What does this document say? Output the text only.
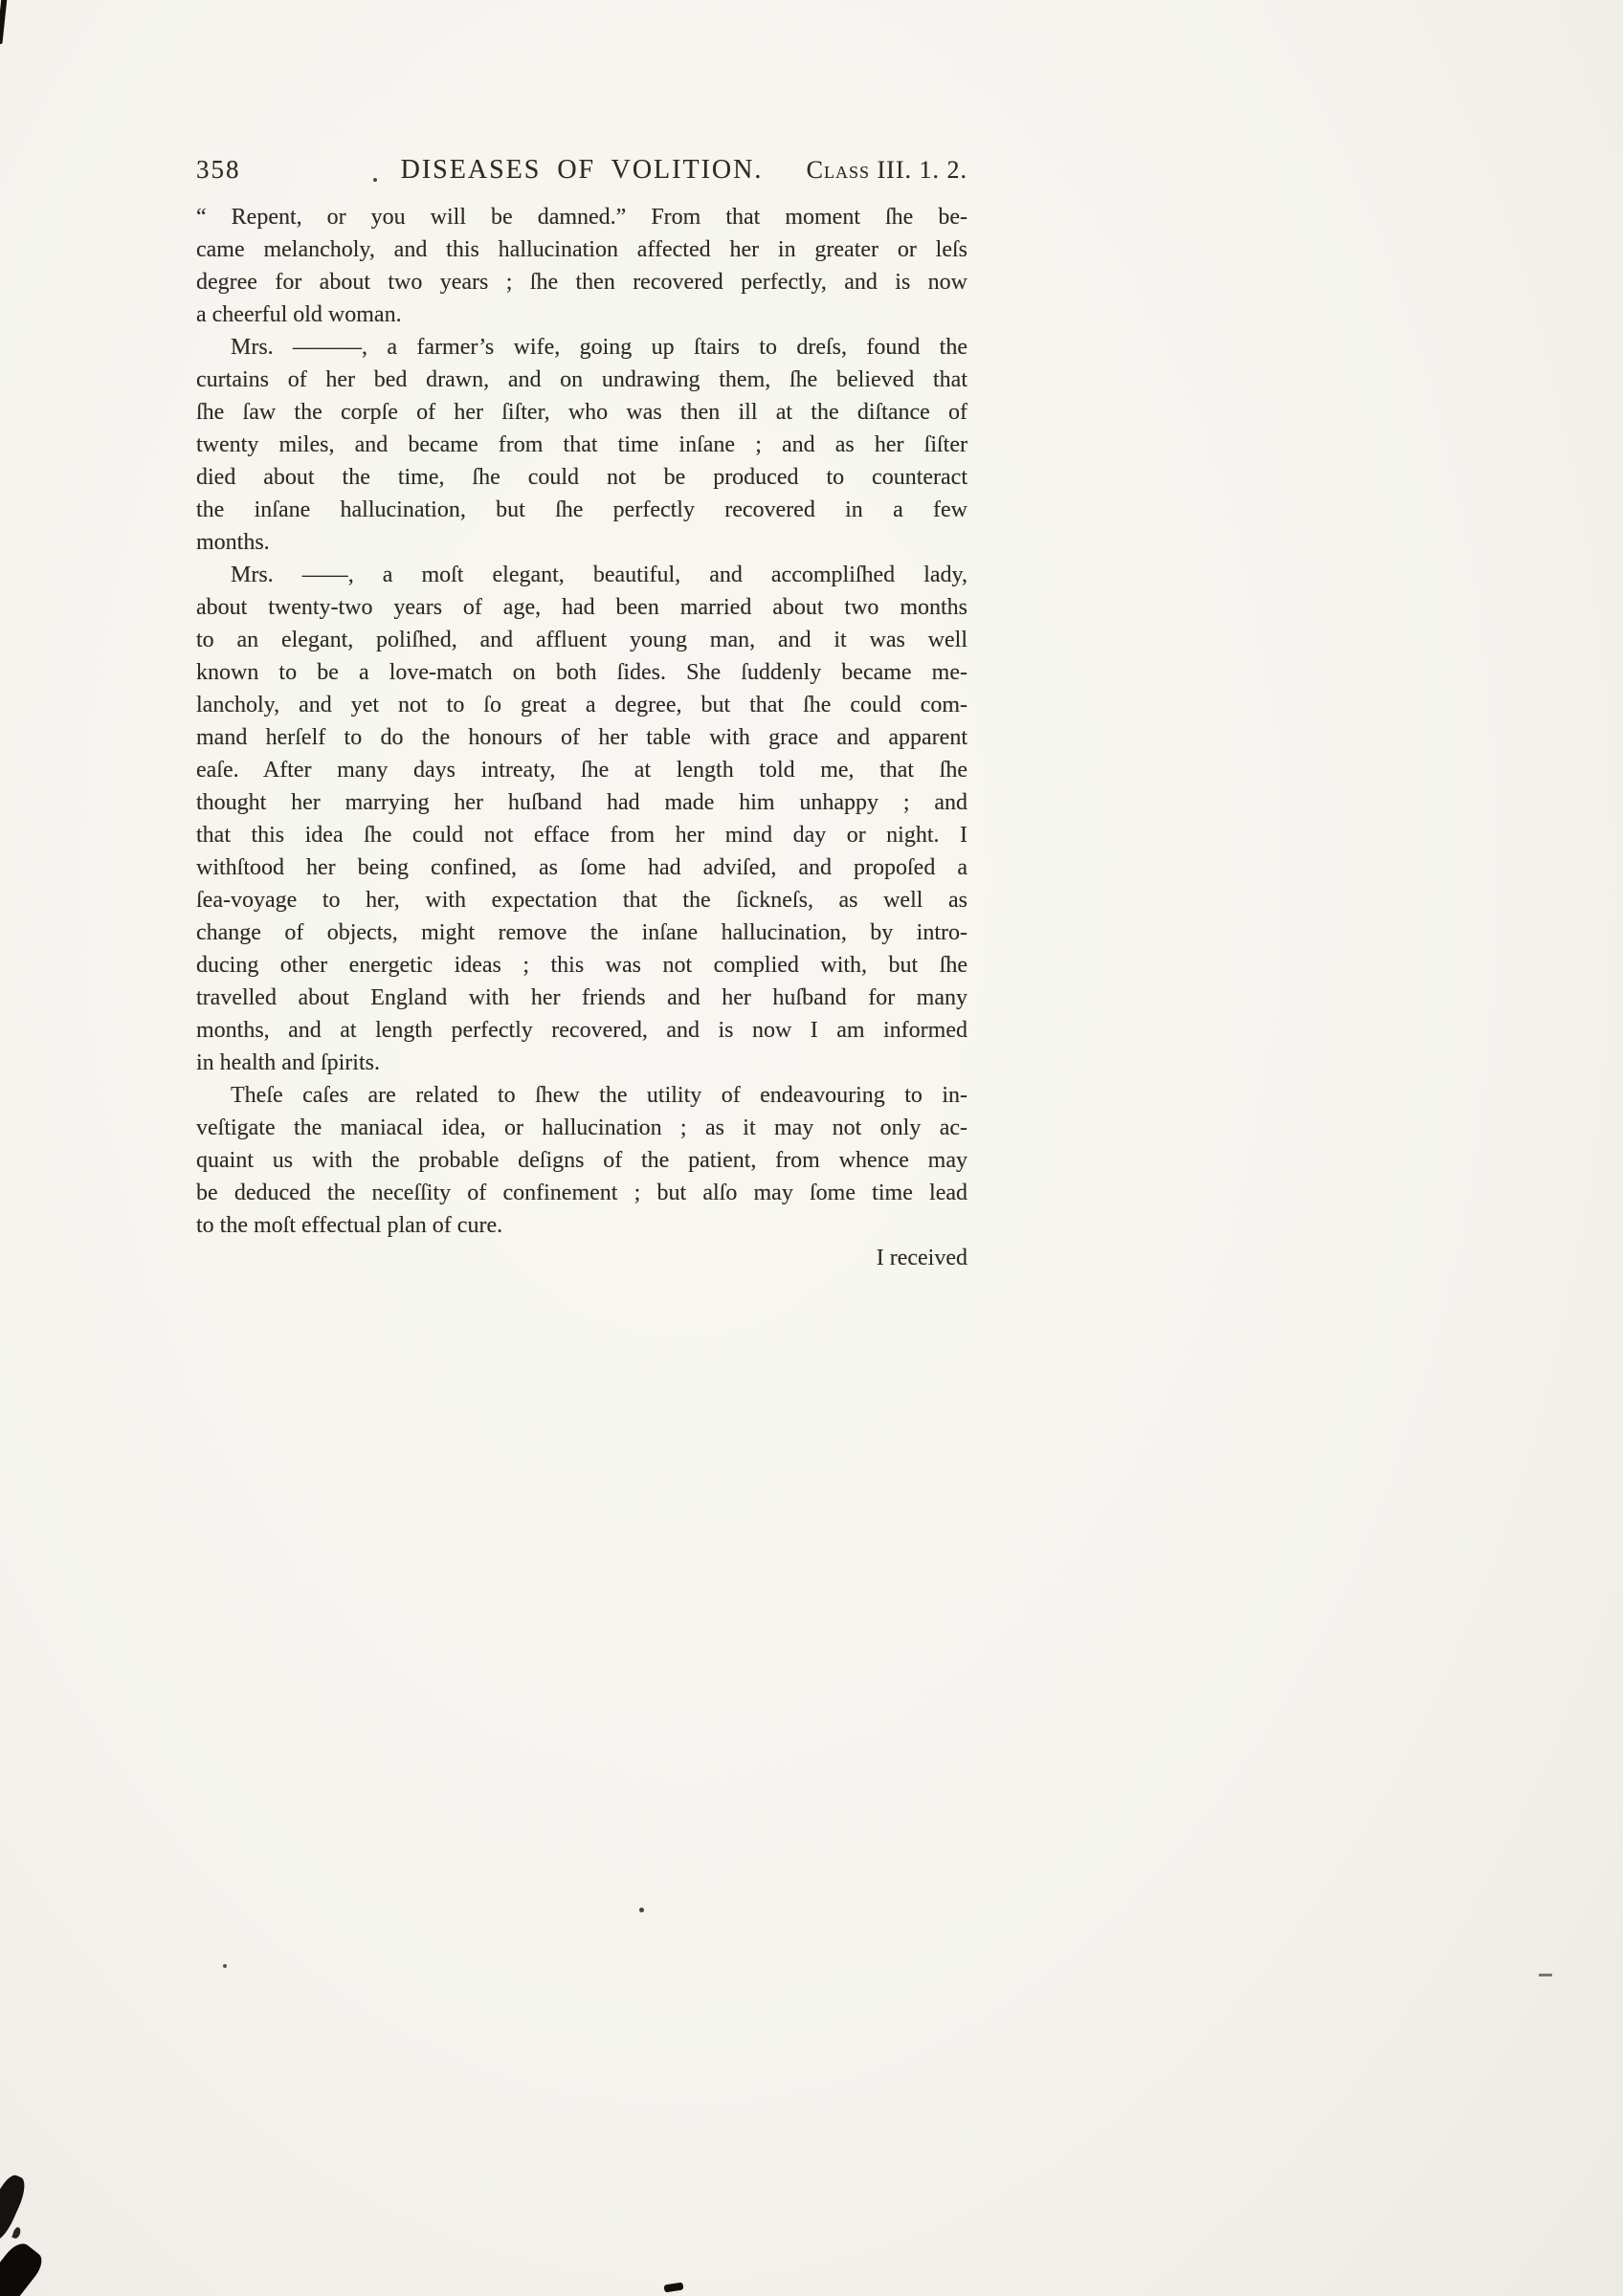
358	DISEASES OF VOLITION. Class III. 1. 2.

“ Repent, or you will be damned.” From that moment ſhe be-
came melancholy, and this hallucination affected her in greater or leſs
degree for about two years ; ſhe then recovered perfectly, and is now
a cheerful old woman.

Mrs. ———, a farmer’s wife, going up ſtairs to dreſs, found the
curtains of her bed drawn, and on undrawing them, ſhe believed that
ſhe ſaw the corpſe of her ſiſter, who was then ill at the diſtance of
twenty miles, and became from that time inſane ; and as her ſiſter
died about the time, ſhe could not be produced to counteract
the inſane hallucination, but ſhe perfectly recovered in a few
months.

Mrs. ——, a moſt elegant, beautiful, and accompliſhed lady,
about twenty-two years of age, had been married about two months
to an elegant, poliſhed, and affluent young man, and it was well
known to be a love-match on both ſides. She ſuddenly became me-
lancholy, and yet not to ſo great a degree, but that ſhe could com-
mand herſelf to do the honours of her table with grace and apparent
eaſe. After many days intreaty, ſhe at length told me, that ſhe
thought her marrying her huſband had made him unhappy ; and
that this idea ſhe could not efface from her mind day or night. I
withſtood her being confined, as ſome had adviſed, and propoſed a
ſea-voyage to her, with expectation that the ſickneſs, as well as
change of objects, might remove the inſane hallucination, by intro-
ducing other energetic ideas ; this was not complied with, but ſhe
travelled about England with her friends and her huſband for many
months, and at length perfectly recovered, and is now I am informed
in health and ſpirits.

Theſe caſes are related to ſhew the utility of endeavouring to in-
veſtigate the maniacal idea, or hallucination ; as it may not only ac-
quaint us with the probable deſigns of the patient, from whence may
be deduced the neceſſity of confinement ; but alſo may ſome time lead
to the moſt effectual plan of cure.

I received
